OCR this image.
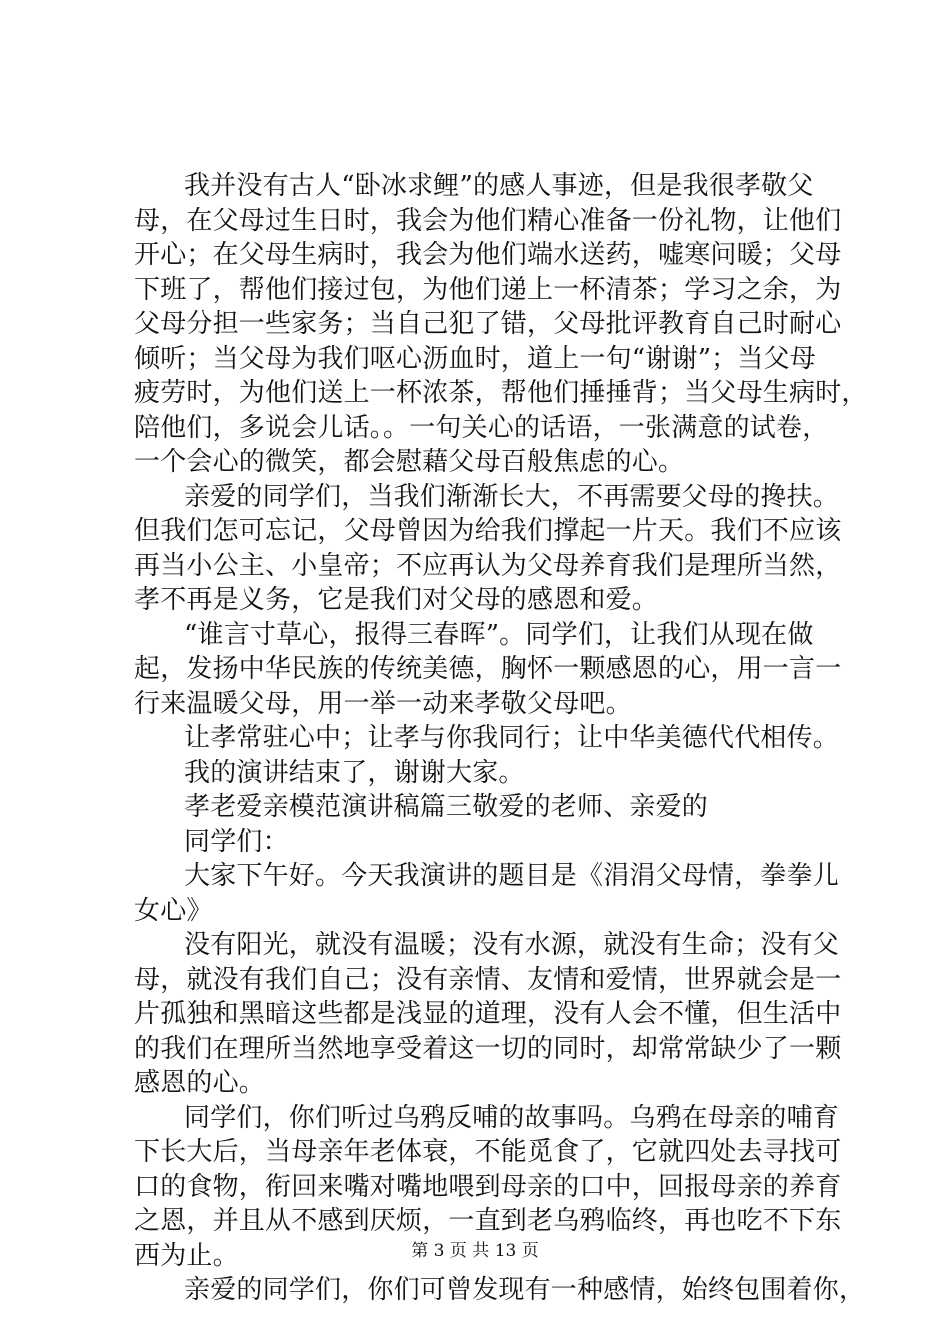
我并没有古人“卧冰求鲤”的感人事迹，但是我很孝敬父
母，在父母过生日时，我会为他们精心准备一份礼物，让他们
开心；在父母生病时，我会为他们端水送药，嘘寒问暖；父母
下班了，帮他们接过包，为他们递上一杯清茶；学习之余，为
父母分担一些家务；当自己犯了错，父母批评教育自己时耐心
倾听；当父母为我们呕心沥血时，道上一句“谢谢”；当父母
疲劳时，为他们送上一杯浓茶，帮他们捶捶背；当父母生病时，
陪他们，多说会儿话。。一句关心的话语，一张满意的试卷，
一个会心的微笑，都会慰藉父母百般焦虑的心。
亲爱的同学们，当我们渐渐长大，不再需要父母的搀扶。
但我们怎可忘记，父母曾因为给我们撑起一片天。我们不应该
再当小公主、小皇帝；不应再认为父母养育我们是理所当然，
孝不再是义务，它是我们对父母的感恩和爱。
“谁言寸草心，报得三春晖”。同学们，让我们从现在做
起，发扬中华民族的传统美德，胸怀一颗感恩的心，用一言一
行来温暖父母，用一举一动来孝敬父母吧。
让孝常驻心中；让孝与你我同行；让中华美德代代相传。
我的演讲结束了，谢谢大家。
孝老爱亲模范演讲稿篇三敬爱的老师、亲爱的
同学们：
大家下午好。今天我演讲的题目是《涓涓父母情，拳拳儿
女心》
没有阳光，就没有温暖；没有水源，就没有生命；没有父
母，就没有我们自己；没有亲情、友情和爱情，世界就会是一
片孤独和黑暗这些都是浅显的道理，没有人会不懂，但生活中
的我们在理所当然地享受着这一切的同时，却常常缺少了一颗
感恩的心。
同学们，你们听过乌鸦反哺的故事吗。乌鸦在母亲的哺育
下长大后，当母亲年老体衰，不能觅食了，它就四处去寻找可
口的食物，衔回来嘴对嘴地喂到母亲的口中，回报母亲的养育
之恩，并且从不感到厌烦，一直到老乌鸦临终，再也吃不下东
西为止。
亲爱的同学们，你们可曾发现有一种感情，始终包围着你，
第 3 页 共 13 页
